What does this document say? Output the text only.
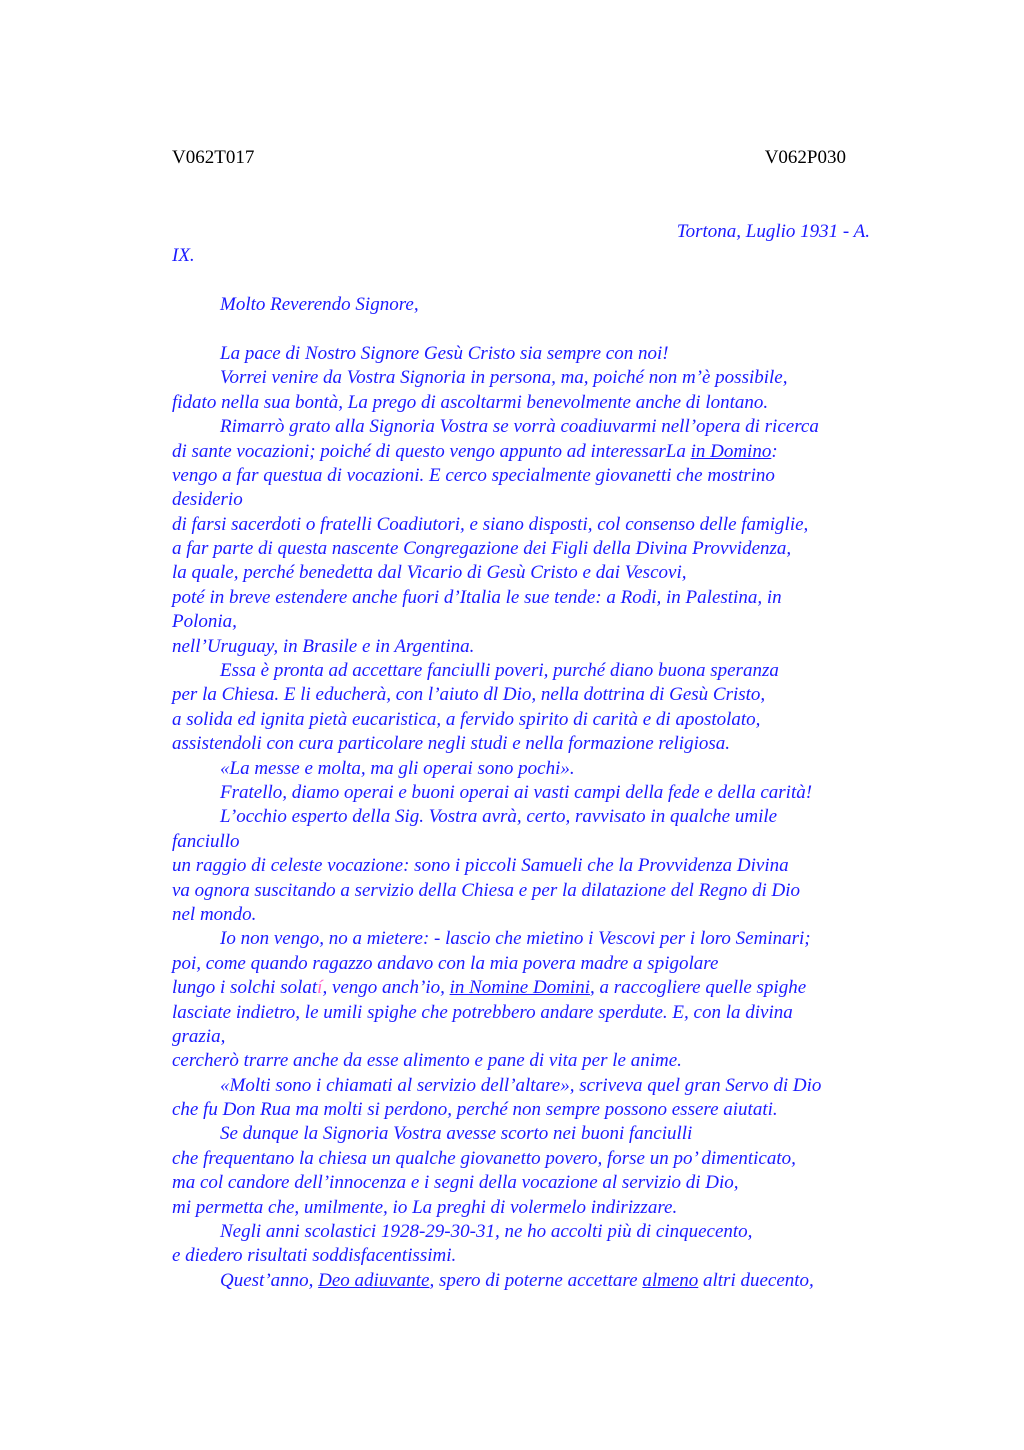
V062T017	V062P030
Tortona, Luglio 1931 - A.
IX.
Molto Reverendo Signore,
La pace di Nostro Signore Gesù Cristo sia sempre con noi!
Vorrei venire da Vostra Signoria in persona, ma, poiché non m’è possibile,
fidato nella sua bontà, La prego di ascoltarmi benevolmente anche di lontano.
Rimarrò grato alla Signoria Vostra se vorrà coadiuvarmi nell’opera di ricerca
di sante vocazioni; poiché di questo vengo appunto ad interessarLa in Domino:
vengo a far questua di vocazioni. E cerco specialmente giovanetti che mostrino
desiderio
di farsi sacerdoti o fratelli Coadiutori, e siano disposti, col consenso delle famiglie,
a far parte di questa nascente Congregazione dei Figli della Divina Provvidenza,
la quale, perché benedetta dal Vicario di Gesù Cristo e dai Vescovi,
poté in breve estendere anche fuori d’Italia le sue tende: a Rodi, in Palestina, in
Polonia,
nell’Uruguay, in Brasile e in Argentina.
Essa è pronta ad accettare fanciulli poveri, purché diano buona speranza
per la Chiesa. E li educherà, con l’aiuto dl Dio, nella dottrina di Gesù Cristo,
a solida ed ignita pietà eucaristica, a fervido spirito di carità e di apostolato,
assistendoli con cura particolare negli studi e nella formazione religiosa.
«La messe e molta, ma gli operai sono pochi».
Fratello, diamo operai e buoni operai ai vasti campi della fede e della carità!
L’occhio esperto della Sig. Vostra avrà, certo, ravvisato in qualche umile
fanciullo
un raggio di celeste vocazione: sono i piccoli Samueli che la Provvidenza Divina
va ognora suscitando a servizio della Chiesa e per la dilatazione del Regno di Dio
nel mondo.
Io non vengo, no a mietere: - lascio che mietino i Vescovi per i loro Seminari;
poi, come quando ragazzo andavo con la mia povera madre a spigolare
lungo i solchi solatí, vengo anch’io, in Nomine Domini, a raccogliere quelle spighe
lasciate indietro, le umili spighe che potrebbero andare sperdute. E, con la divina
grazia,
cercherò trarre anche da esse alimento e pane di vita per le anime.
«Molti sono i chiamati al servizio dell’altare», scriveva quel gran Servo di Dio
che fu Don Rua ma molti si perdono, perché non sempre possono essere aiutati.
Se dunque la Signoria Vostra avesse scorto nei buoni fanciulli
che frequentano la chiesa un qualche giovanetto povero, forse un po’ dimenticato,
ma col candore dell’innocenza e i segni della vocazione al servizio di Dio,
mi permetta che, umilmente, io La preghi di volermelo indirizzare.
Negli anni scolastici 1928-29-30-31, ne ho accolti più di cinquecento,
e diedero risultati soddisfacentissimi.
Quest’anno, Deo adiuvante, spero di poterne accettare almeno altri duecento,
